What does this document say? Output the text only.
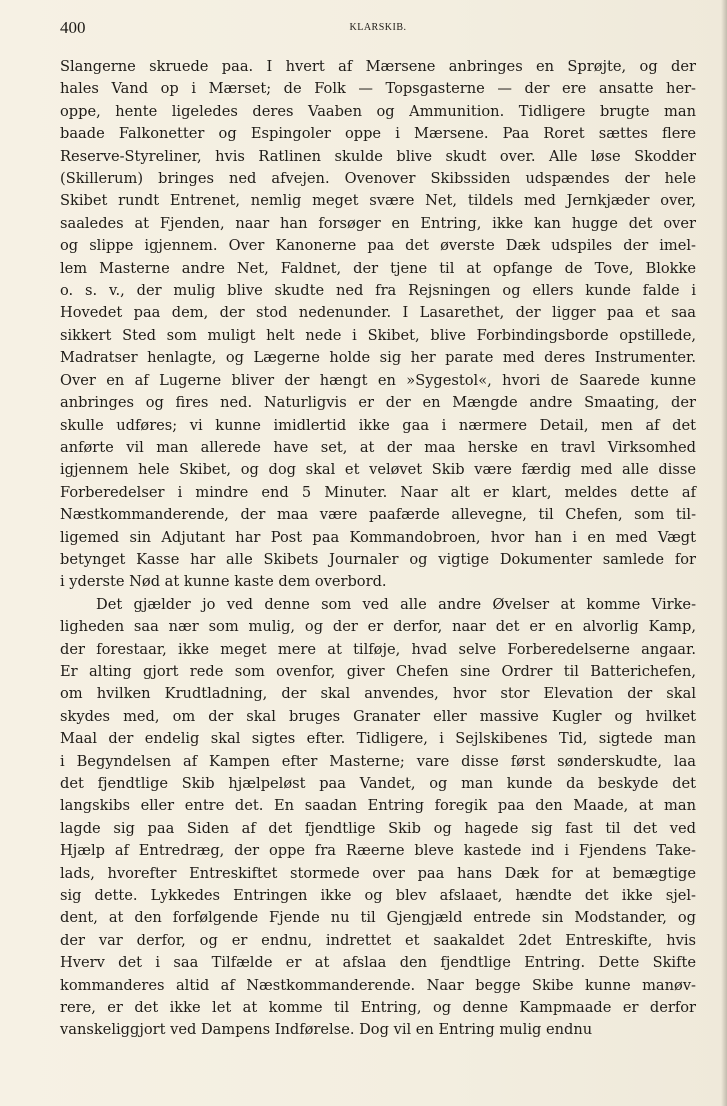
400	KLARSKIB.
Slangerne skruede paa. I hvert af Mærsene anbringes en Sprøjte, og der
hales Vand op i Mærset; de Folk — Topsgasterne — der ere ansatte her-
oppe, hente ligeledes deres Vaaben og Ammunition. Tidligere brugte man
baade Falkonetter og Espingoler oppe i Mærsene. Paa Roret sættes flere
Reserve-Styreliner, hvis Ratlinen skulde blive skudt over. Alle løse Skodder
(Skillerum) bringes ned afvejen. Ovenover Skibssiden udspændes der hele
Skibet rundt Entrenet, nemlig meget svære Net, tildels med Jernkjæder over,
saaledes at Fjenden, naar han forsøger en Entring, ikke kan hugge det over
og slippe igjennem. Over Kanonerne paa det øverste Dæk udspiles der imel-
lem Masterne andre Net, Faldnet, der tjene til at opfange de Tove, Blokke
o. s. v., der mulig blive skudte ned fra Rejsningen og ellers kunde falde i
Hovedet paa dem, der stod nedenunder. I Lasarethet, der ligger paa et saa
sikkert Sted som muligt helt nede i Skibet, blive Forbindingsborde opstillede,
Madratser henlagte, og Lægerne holde sig her parate med deres Instrumenter.
Over en af Lugerne bliver der hængt en »Sygestol«, hvori de Saarede kunne
anbringes og fires ned. Naturligvis er der en Mængde andre Smaating, der
skulle udføres; vi kunne imidlertid ikke gaa i nærmere Detail, men af det
anførte vil man allerede have set, at der maa herske en travl Virksomhed
igjennem hele Skibet, og dog skal et veløvet Skib være færdig med alle disse
Forberedelser i mindre end 5 Minuter. Naar alt er klart, meldes dette af
Næstkommanderende, der maa være paafærde allevegne, til Chefen, som til-
ligemed sin Adjutant har Post paa Kommandobroen, hvor han i en med Vægt
betynget Kasse har alle Skibets Journaler og vigtige Dokumenter samlede for
i yderste Nød at kunne kaste dem overbord.
Det gjælder jo ved denne som ved alle andre Øvelser at komme Virke-
ligheden saa nær som mulig, og der er derfor, naar det er en alvorlig Kamp,
der forestaar, ikke meget mere at tilføje, hvad selve Forberedelserne angaar.
Er alting gjort rede som ovenfor, giver Chefen sine Ordrer til Batterichefen,
om hvilken Krudtladning, der skal anvendes, hvor stor Elevation der skal
skydes med, om der skal bruges Granater eller massive Kugler og hvilket
Maal der endelig skal sigtes efter. Tidligere, i Sejlskibenes Tid, sigtede man
i Begyndelsen af Kampen efter Masterne; vare disse først sønderskudte, laa
det fjendtlige Skib hjælpeløst paa Vandet, og man kunde da beskyde det
langskibs eller entre det. En saadan Entring foregik paa den Maade, at man
lagde sig paa Siden af det fjendtlige Skib og hagede sig fast til det ved
Hjælp af Entredræg, der oppe fra Ræerne bleve kastede ind i Fjendens Take-
lads, hvorefter Entreskiftet stormede over paa hans Dæk for at bemægtige
sig dette. Lykkedes Entringen ikke og blev afslaaet, hændte det ikke sjel-
dent, at den forfølgende Fjende nu til Gjengjæld entrede sin Modstander, og
der var derfor, og er endnu, indrettet et saakaldet 2det Entreskifte, hvis
Hverv det i saa Tilfælde er at afslaa den fjendtlige Entring. Dette Skifte
kommanderes altid af Næstkommanderende. Naar begge Skibe kunne manøv-
rere, er det ikke let at komme til Entring, og denne Kampmaade er derfor
vanskeliggjort ved Dampens Indførelse. Dog vil en Entring mulig endnu
